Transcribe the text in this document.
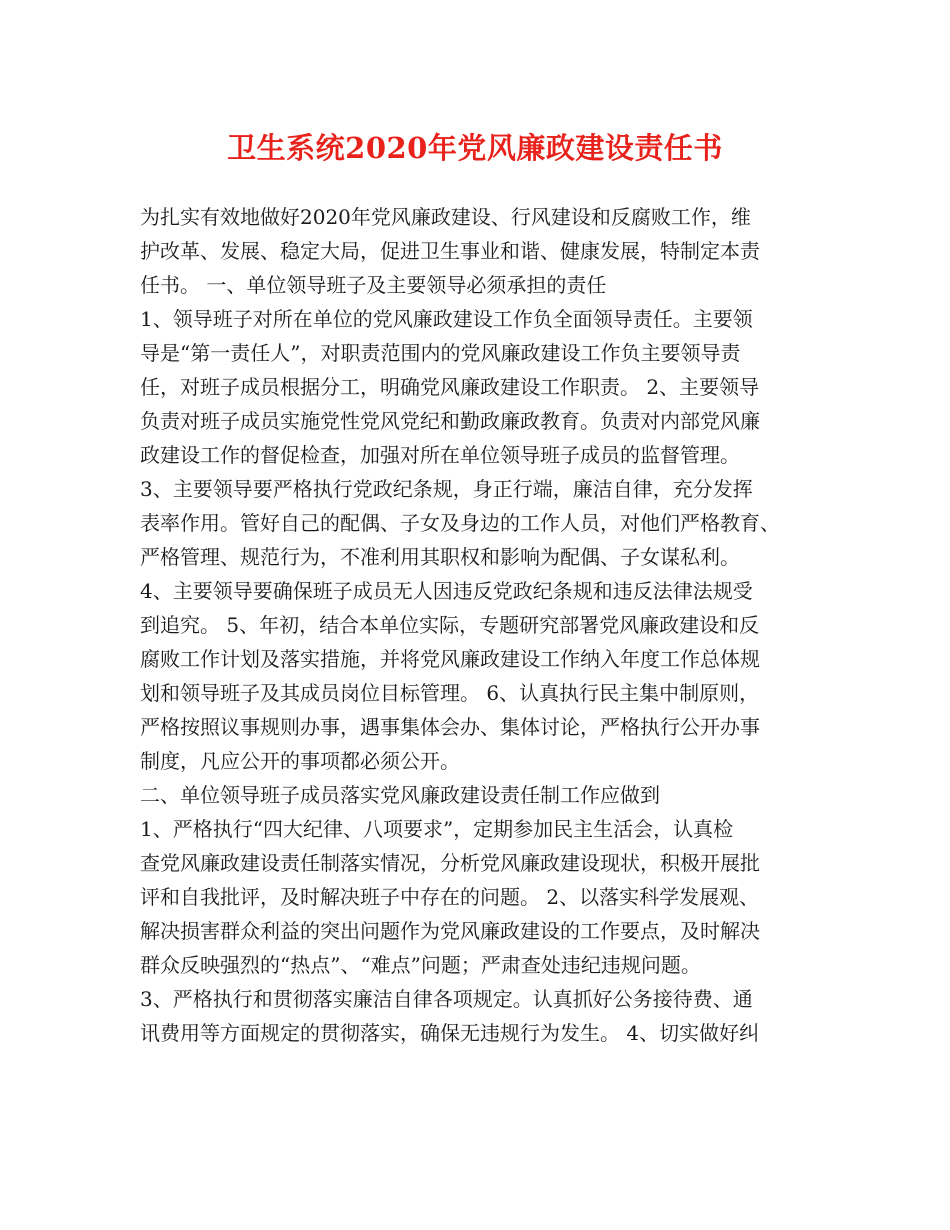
卫生系统2020年党风廉政建设责任书
为扎实有效地做好2020年党风廉政建设、行风建设和反腐败工作，维
护改革、发展、稳定大局，促进卫生事业和谐、健康发展，特制定本责
任书。 一、单位领导班子及主要领导必须承担的责任
1、领导班子对所在单位的党风廉政建设工作负全面领导责任。主要领
导是“第一责任人”，对职责范围内的党风廉政建设工作负主要领导责
任，对班子成员根据分工，明确党风廉政建设工作职责。 2、主要领导
负责对班子成员实施党性党风党纪和勤政廉政教育。负责对内部党风廉
政建设工作的督促检查，加强对所在单位领导班子成员的监督管理。
3、主要领导要严格执行党政纪条规，身正行端，廉洁自律，充分发挥
表率作用。管好自己的配偶、子女及身边的工作人员，对他们严格教育、
严格管理、规范行为，不准利用其职权和影响为配偶、子女谋私利。
4、主要领导要确保班子成员无人因违反党政纪条规和违反法律法规受
到追究。 5、年初，结合本单位实际，专题研究部署党风廉政建设和反
腐败工作计划及落实措施，并将党风廉政建设工作纳入年度工作总体规
划和领导班子及其成员岗位目标管理。 6、认真执行民主集中制原则，
严格按照议事规则办事，遇事集体会办、集体讨论，严格执行公开办事
制度，凡应公开的事项都必须公开。
二、单位领导班子成员落实党风廉政建设责任制工作应做到
1、严格执行“四大纪律、八项要求”，定期参加民主生活会，认真检
查党风廉政建设责任制落实情况，分析党风廉政建设现状，积极开展批
评和自我批评，及时解决班子中存在的问题。 2、以落实科学发展观、
解决损害群众利益的突出问题作为党风廉政建设的工作要点，及时解决
群众反映强烈的“热点”、“难点”问题；严肃查处违纪违规问题。
3、严格执行和贯彻落实廉洁自律各项规定。认真抓好公务接待费、通
讯费用等方面规定的贯彻落实，确保无违规行为发生。 4、切实做好纠
